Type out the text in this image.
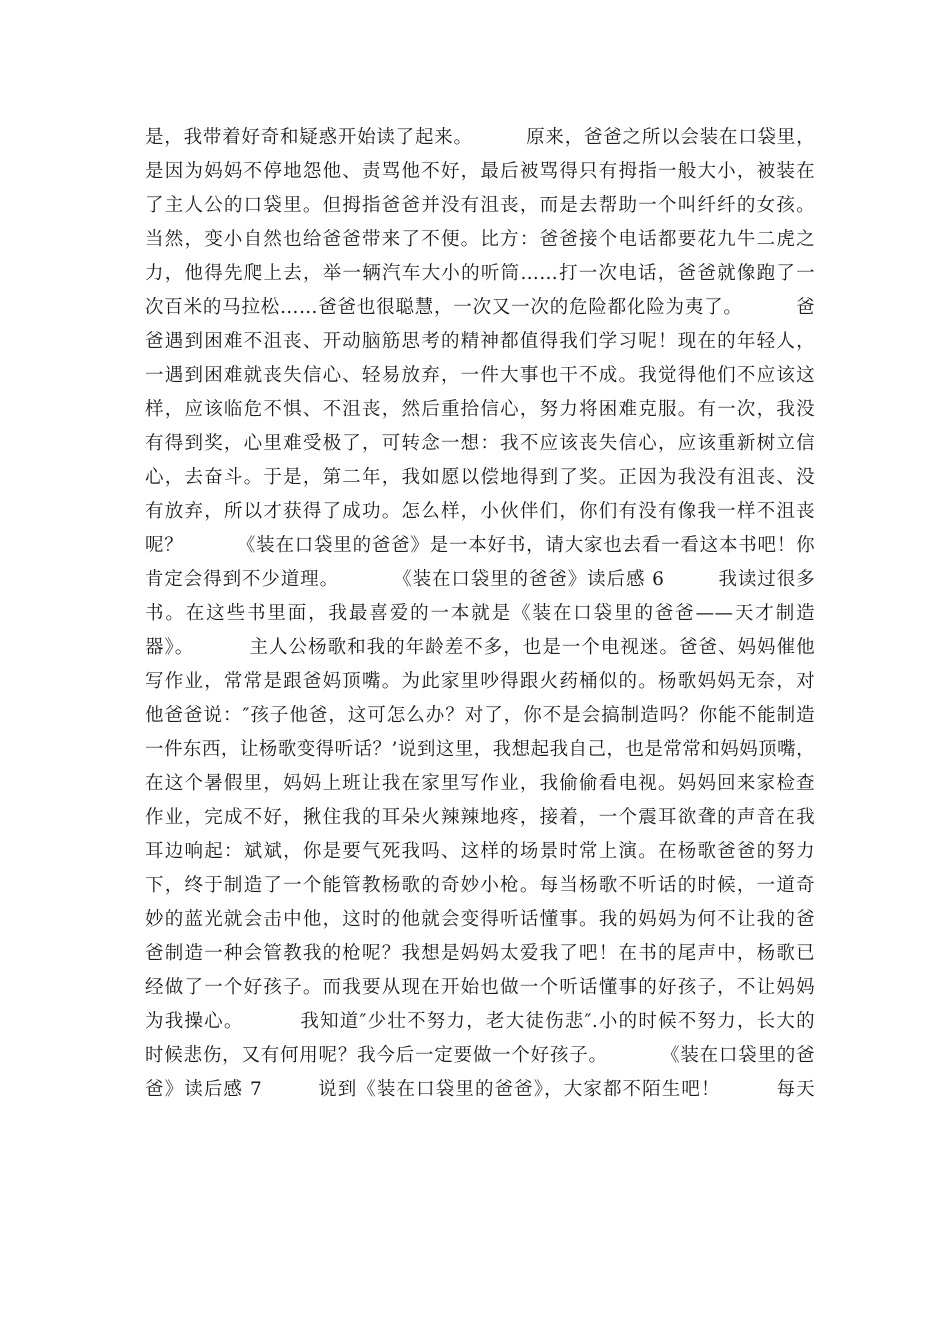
是，我带着好奇和疑惑开始读了起来。        原来，爸爸之所以会装在口袋里，
是因为妈妈不停地怨他、责骂他不好，最后被骂得只有拇指一般大小，被装在
了主人公的口袋里。但拇指爸爸并没有沮丧，而是去帮助一个叫纤纤的女孩。
当然，变小自然也给爸爸带来了不便。比方：爸爸接个电话都要花九牛二虎之
力，他得先爬上去，举一辆汽车大小的听筒……打一次电话，爸爸就像跑了一
次百米的马拉松……爸爸也很聪慧，一次又一次的危险都化险为夷了。        爸
爸遇到困难不沮丧、开动脑筋思考的精神都值得我们学习呢！现在的年轻人，
一遇到困难就丧失信心、轻易放弃，一件大事也干不成。我觉得他们不应该这
样，应该临危不惧、不沮丧，然后重拾信心，努力将困难克服。有一次，我没
有得到奖，心里难受极了，可转念一想：我不应该丧失信心，应该重新树立信
心，去奋斗。于是，第二年，我如愿以偿地得到了奖。正因为我没有沮丧、没
有放弃，所以才获得了成功。怎么样，小伙伴们，你们有没有像我一样不沮丧
呢？        《装在口袋里的爸爸》是一本好书，请大家也去看一看这本书吧！你
肯定会得到不少道理。        《装在口袋里的爸爸》读后感 6        我读过很多
书。在这些书里面，我最喜爱的一本就是《装在口袋里的爸爸——天才制造
器》。        主人公杨歌和我的年龄差不多，也是一个电视迷。爸爸、妈妈催他
写作业，常常是跟爸妈顶嘴。为此家里吵得跟火药桶似的。杨歌妈妈无奈，对
他爸爸说：″孩子他爸，这可怎么办？对了，你不是会搞制造吗？你能不能制造
一件东西，让杨歌变得听话？’说到这里，我想起我自己，也是常常和妈妈顶嘴，
在这个暑假里，妈妈上班让我在家里写作业，我偷偷看电视。妈妈回来家检查
作业，完成不好，揪住我的耳朵火辣辣地疼，接着，一个震耳欲聋的声音在我
耳边响起：斌斌，你是要气死我吗、这样的场景时常上演。在杨歌爸爸的努力
下，终于制造了一个能管教杨歌的奇妙小枪。每当杨歌不听话的时候，一道奇
妙的蓝光就会击中他，这时的他就会变得听话懂事。我的妈妈为何不让我的爸
爸制造一种会管教我的枪呢？我想是妈妈太爱我了吧！在书的尾声中，杨歌已
经做了一个好孩子。而我要从现在开始也做一个听话懂事的好孩子，不让妈妈
为我操心。        我知道″少壮不努力，老大徒伤悲″.小的时候不努力，长大的
时候悲伤，又有何用呢？我今后一定要做一个好孩子。        《装在口袋里的爸
爸》读后感 7        说到《装在口袋里的爸爸》，大家都不陌生吧！        每天
